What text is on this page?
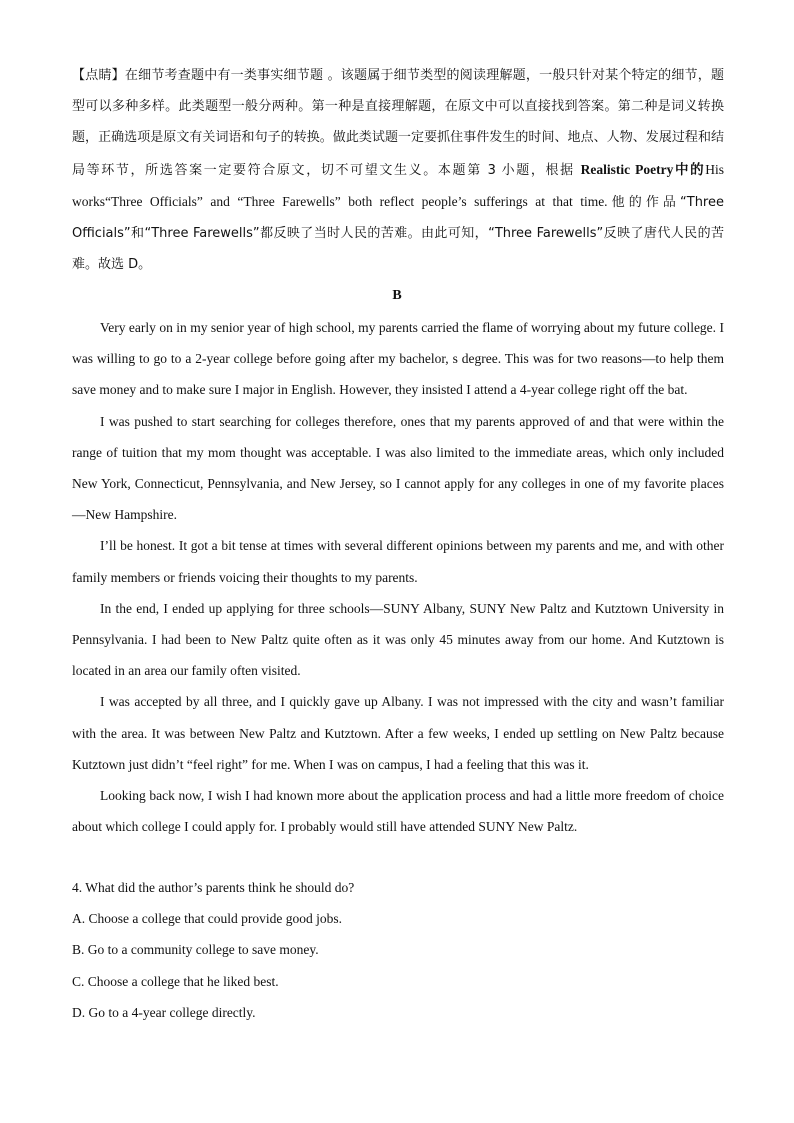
【点睛】在细节考查题中有一类事实细节题 。该题属于细节类型的阅读理解题，一般只针对某个特定的细节，题型可以多种多样。此类题型一般分两种。第一种是直接理解题，在原文中可以直接找到答案。第二种是词义转换题，正确选项是原文有关词语和句子的转换。做此类试题一定要抓住事件发生的时间、地点、人物、发展过程和结局等环节，所选答案一定要符合原文，切不可望文生义。本题第 3 小题，根据 Realistic Poetry中的His works“Three Officials” and “Three Farewells” both reflect people’s sufferings at that time.他的作品“Three Officials”和“Three Farewells”都反映了当时人民的苦难。由此可知，“Three Farewells”反映了唐代人民的苦难。故选 D。
B

Very early on in my senior year of high school, my parents carried the flame of worrying about my future college. I was willing to go to a 2-year college before going after my bachelor, s degree. This was for two reasons—to help them save money and to make sure I major in English. However, they insisted I attend a 4-year college right off the bat.

I was pushed to start searching for colleges therefore, ones that my parents approved of and that were within the range of tuition that my mom thought was acceptable. I was also limited to the immediate areas, which only included New York, Connecticut, Pennsylvania, and New Jersey, so I cannot apply for any colleges in one of my favorite places—New Hampshire.

I’ll be honest. It got a bit tense at times with several different opinions between my parents and me, and with other family members or friends voicing their thoughts to my parents.

In the end, I ended up applying for three schools—SUNY Albany, SUNY New Paltz and Kutztown University in Pennsylvania. I had been to New Paltz quite often as it was only 45 minutes away from our home. And Kutztown is located in an area our family often visited.

I was accepted by all three, and I quickly gave up Albany. I was not impressed with the city and wasn’t familiar with the area. It was between New Paltz and Kutztown. After a few weeks, I ended up settling on New Paltz because Kutztown just didn’t “feel right” for me. When I was on campus, I had a feeling that this was it.

Looking back now, I wish I had known more about the application process and had a little more freedom of choice about which college I could apply for. I probably would still have attended SUNY New Paltz.

4. What did the author’s parents think he should do?
A. Choose a college that could provide good jobs.
B. Go to a community college to save money.
C. Choose a college that he liked best.
D. Go to a 4-year college directly.
